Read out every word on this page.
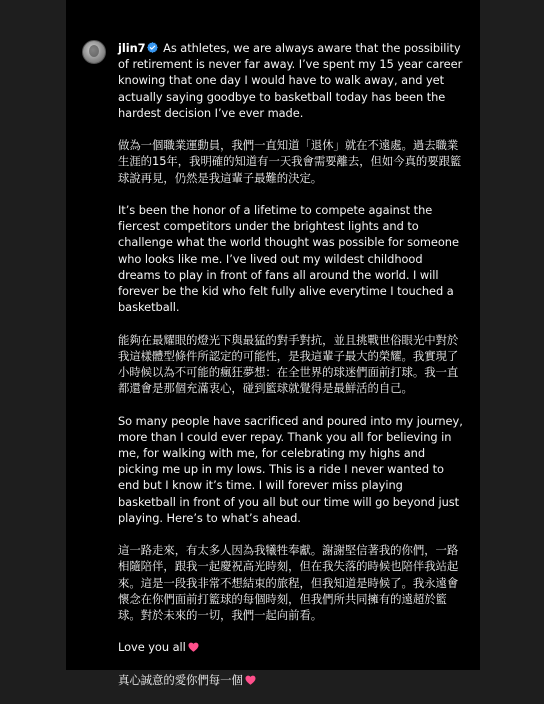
jlin7 As athletes, we are always aware that the possibility of retirement is never far away. I’ve spent my 15 year career knowing that one day I would have to walk away, and yet actually saying goodbye to basketball today has been the hardest decision I’ve ever made.

做為一個職業運動員，我們一直知道「退休」就在不遠處。過去職業生涯的15年，我明確的知道有一天我會需要離去，但如今真的要跟籃球說再見，仍然是我這輩子最難的決定。

It’s been the honor of a lifetime to compete against the fiercest competitors under the brightest lights and to challenge what the world thought was possible for someone who looks like me. I’ve lived out my wildest childhood dreams to play in front of fans all around the world. I will forever be the kid who felt fully alive everytime I touched a basketball.

能夠在最耀眼的燈光下與最猛的對手對抗，並且挑戰世俗眼光中對於我這樣體型條件所認定的可能性，是我這輩子最大的榮耀。我實現了小時候以為不可能的瘋狂夢想：在全世界的球迷們面前打球。我一直都還會是那個充滿衷心，碰到籃球就覺得是最鮮活的自己。

So many people have sacrificed and poured into my journey, more than I could ever repay. Thank you all for believing in me, for walking with me, for celebrating my highs and picking me up in my lows. This is a ride I never wanted to end but I know it’s time. I will forever miss playing basketball in front of you all but our time will go beyond just playing. Here’s to what’s ahead.

這一路走來，有太多人因為我犧牲奉獻。謝謝堅信著我的你們，一路相隨陪伴，跟我一起慶祝高光時刻，但在我失落的時候也陪伴我站起來。這是一段我非常不想結束的旅程，但我知道是時候了。我永遠會懷念在你們面前打籃球的每個時刻，但我們所共同擁有的遠超於籃球。對於未來的一切，我們一起向前看。

Love you all

真心誠意的愛你們每一個
